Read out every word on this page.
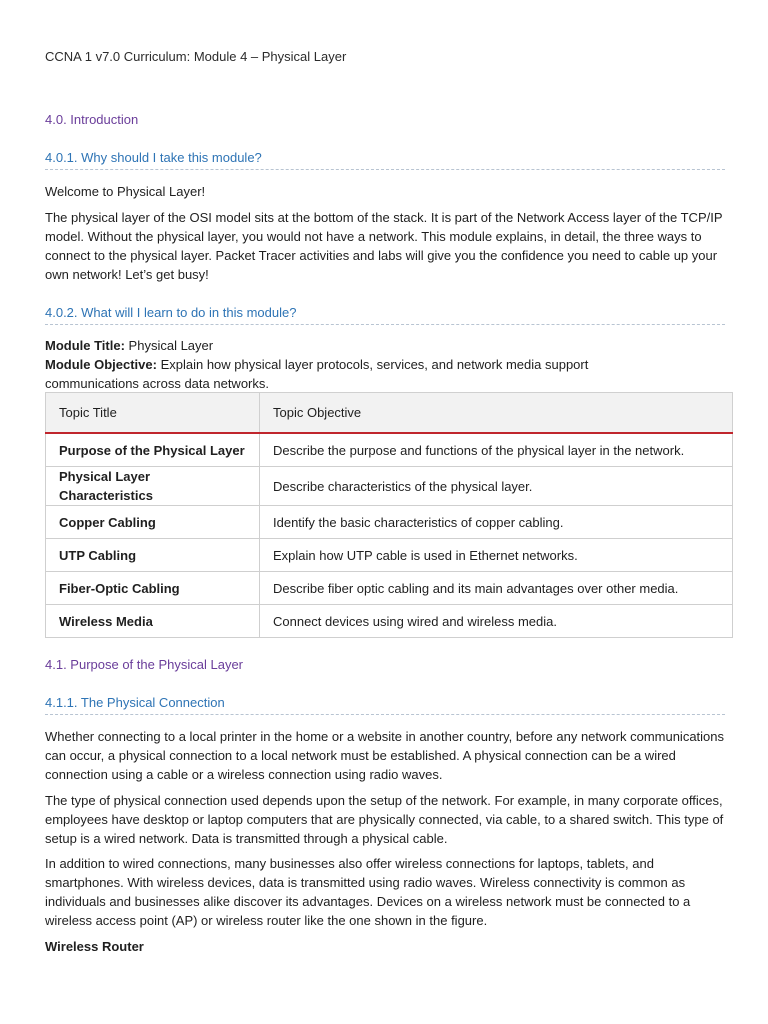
CCNA 1 v7.0 Curriculum: Module 4 – Physical Layer
4.0. Introduction
4.0.1. Why should I take this module?

Welcome to Physical Layer!

The physical layer of the OSI model sits at the bottom of the stack. It is part of the Network Access layer of the TCP/IP model. Without the physical layer, you would not have a network. This module explains, in detail, the three ways to connect to the physical layer. Packet Tracer activities and labs will give you the confidence you need to cable up your own network! Let’s get busy!

4.0.2. What will I learn to do in this module?

Module Title: Physical Layer

Module Objective: Explain how physical layer protocols, services, and network media support communications across data networks.

Topic Title	Topic Objective
Purpose of the Physical Layer	Describe the purpose and functions of the physical layer in the network.
Physical Layer Characteristics	Describe characteristics of the physical layer.
Copper Cabling	Identify the basic characteristics of copper cabling.
UTP Cabling	Explain how UTP cable is used in Ethernet networks.
Fiber-Optic Cabling	Describe fiber optic cabling and its main advantages over other media.
Wireless Media	Connect devices using wired and wireless media.
4.1. Purpose of the Physical Layer
4.1.1. The Physical Connection

Whether connecting to a local printer in the home or a website in another country, before any network communications can occur, a physical connection to a local network must be established. A physical connection can be a wired connection using a cable or a wireless connection using radio waves.

The type of physical connection used depends upon the setup of the network. For example, in many corporate offices, employees have desktop or laptop computers that are physically connected, via cable, to a shared switch. This type of setup is a wired network. Data is transmitted through a physical cable.

In addition to wired connections, many businesses also offer wireless connections for laptops, tablets, and smartphones. With wireless devices, data is transmitted using radio waves. Wireless connectivity is common as individuals and businesses alike discover its advantages. Devices on a wireless network must be connected to a wireless access point (AP) or wireless router like the one shown in the figure.

Wireless Router
